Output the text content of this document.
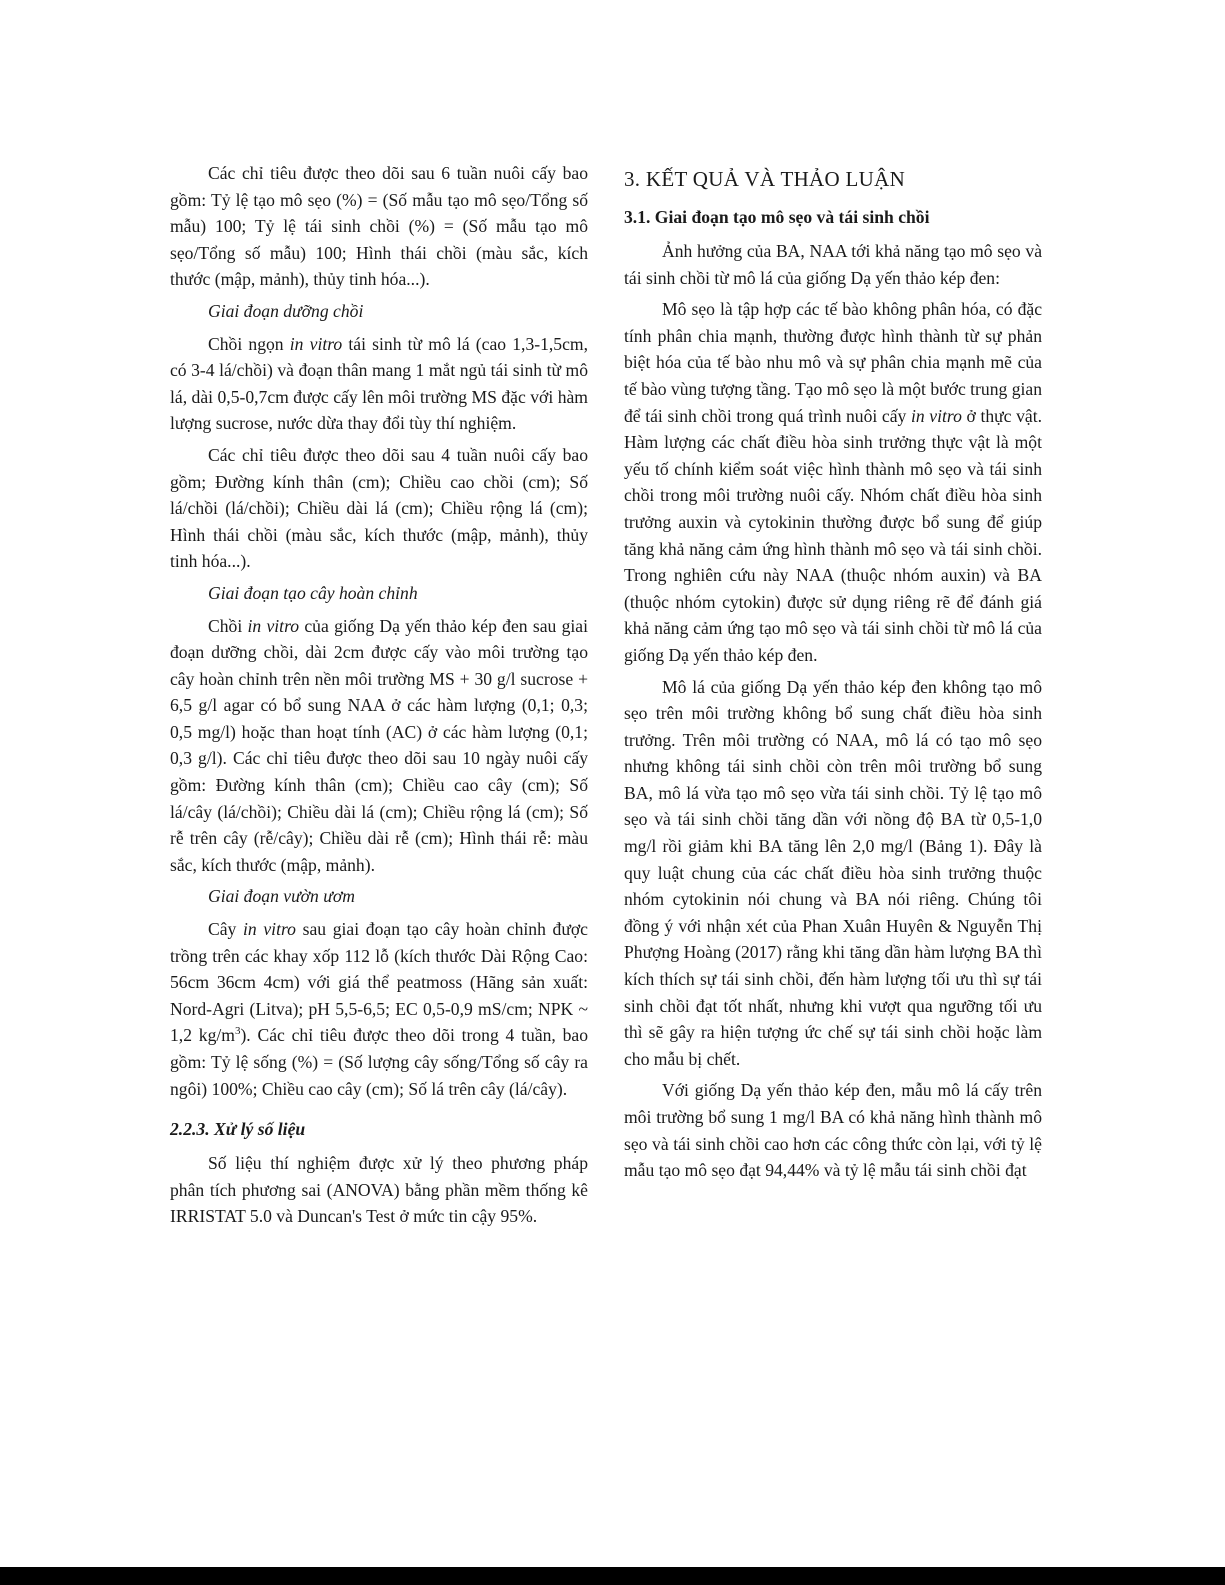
Các chỉ tiêu được theo dõi sau 6 tuần nuôi cấy bao gồm: Tỷ lệ tạo mô sẹo (%) = (Số mẫu tạo mô sẹo/Tổng số mẫu) 100; Tỷ lệ tái sinh chồi (%) = (Số mẫu tạo mô sẹo/Tổng số mẫu) 100; Hình thái chồi (màu sắc, kích thước (mập, mảnh), thủy tinh hóa...).

Giai đoạn dưỡng chồi

Chồi ngọn in vitro tái sinh từ mô lá (cao 1,3-1,5cm, có 3-4 lá/chồi) và đoạn thân mang 1 mắt ngủ tái sinh từ mô lá, dài 0,5-0,7cm được cấy lên môi trường MS đặc với hàm lượng sucrose, nước dừa thay đổi tùy thí nghiệm.

Các chỉ tiêu được theo dõi sau 4 tuần nuôi cấy bao gồm; Đường kính thân (cm); Chiều cao chồi (cm); Số lá/chồi (lá/chồi); Chiều dài lá (cm); Chiều rộng lá (cm); Hình thái chồi (màu sắc, kích thước (mập, mảnh), thủy tinh hóa...).

Giai đoạn tạo cây hoàn chỉnh

Chồi in vitro của giống Dạ yến thảo kép đen sau giai đoạn dưỡng chồi, dài 2cm được cấy vào môi trường tạo cây hoàn chỉnh trên nền môi trường MS + 30 g/l sucrose + 6,5 g/l agar có bổ sung NAA ở các hàm lượng (0,1; 0,3; 0,5 mg/l) hoặc than hoạt tính (AC) ở các hàm lượng (0,1; 0,3 g/l). Các chỉ tiêu được theo dõi sau 10 ngày nuôi cấy gồm: Đường kính thân (cm); Chiều cao cây (cm); Số lá/cây (lá/chồi); Chiều dài lá (cm); Chiều rộng lá (cm); Số rễ trên cây (rễ/cây); Chiều dài rễ (cm); Hình thái rễ: màu sắc, kích thước (mập, mảnh).

Giai đoạn vườn ươm

Cây in vitro sau giai đoạn tạo cây hoàn chỉnh được trồng trên các khay xốp 112 lỗ (kích thước Dài Rộng Cao: 56cm 36cm 4cm) với giá thể peatmoss (Hãng sản xuất: Nord-Agri (Litva); pH 5,5-6,5; EC 0,5-0,9 mS/cm; NPK ~ 1,2 $kg/m^3$). Các chỉ tiêu được theo dõi trong 4 tuần, bao gồm: Tỷ lệ sống (%) = (Số lượng cây sống/Tổng số cây ra ngôi) 100%; Chiều cao cây (cm); Số lá trên cây (lá/cây).

2.2.3. Xử lý số liệu

Số liệu thí nghiệm được xử lý theo phương pháp phân tích phương sai (ANOVA) bằng phần mềm thống kê IRRISTAT 5.0 và Duncan's Test ở mức tin cậy 95%.

3. KẾT QUẢ VÀ THẢO LUẬN
3.1. Giai đoạn tạo mô sẹo và tái sinh chồi

Ảnh hưởng của BA, NAA tới khả năng tạo mô sẹo và tái sinh chồi từ mô lá của giống Dạ yến thảo kép đen:

Mô sẹo là tập hợp các tế bào không phân hóa, có đặc tính phân chia mạnh, thường được hình thành từ sự phản biệt hóa của tế bào nhu mô và sự phân chia mạnh mẽ của tế bào vùng tượng tầng. Tạo mô sẹo là một bước trung gian để tái sinh chồi trong quá trình nuôi cấy in vitro ở thực vật. Hàm lượng các chất điều hòa sinh trưởng thực vật là một yếu tố chính kiểm soát việc hình thành mô sẹo và tái sinh chồi trong môi trường nuôi cấy. Nhóm chất điều hòa sinh trưởng auxin và cytokinin thường được bổ sung để giúp tăng khả năng cảm ứng hình thành mô sẹo và tái sinh chồi. Trong nghiên cứu này NAA (thuộc nhóm auxin) và BA (thuộc nhóm cytokin) được sử dụng riêng rẽ để đánh giá khả năng cảm ứng tạo mô sẹo và tái sinh chồi từ mô lá của giống Dạ yến thảo kép đen.

Mô lá của giống Dạ yến thảo kép đen không tạo mô sẹo trên môi trường không bổ sung chất điều hòa sinh trưởng. Trên môi trường có NAA, mô lá có tạo mô sẹo nhưng không tái sinh chồi còn trên môi trường bổ sung BA, mô lá vừa tạo mô sẹo vừa tái sinh chồi. Tỷ lệ tạo mô sẹo và tái sinh chồi tăng dần với nồng độ BA từ 0,5-1,0 mg/l rồi giảm khi BA tăng lên 2,0 mg/l (Bảng 1). Đây là quy luật chung của các chất điều hòa sinh trưởng thuộc nhóm cytokinin nói chung và BA nói riêng. Chúng tôi đồng ý với nhận xét của Phan Xuân Huyên & Nguyễn Thị Phượng Hoàng (2017) rằng khi tăng dần hàm lượng BA thì kích thích sự tái sinh chồi, đến hàm lượng tối ưu thì sự tái sinh chồi đạt tốt nhất, nhưng khi vượt qua ngưỡng tối ưu thì sẽ gây ra hiện tượng ức chế sự tái sinh chồi hoặc làm cho mẫu bị chết.

Với giống Dạ yến thảo kép đen, mẫu mô lá cấy trên môi trường bổ sung 1 mg/l BA có khả năng hình thành mô sẹo và tái sinh chồi cao hơn các công thức còn lại, với tỷ lệ mẫu tạo mô sẹo đạt 94,44% và tỷ lệ mẫu tái sinh chồi đạt
